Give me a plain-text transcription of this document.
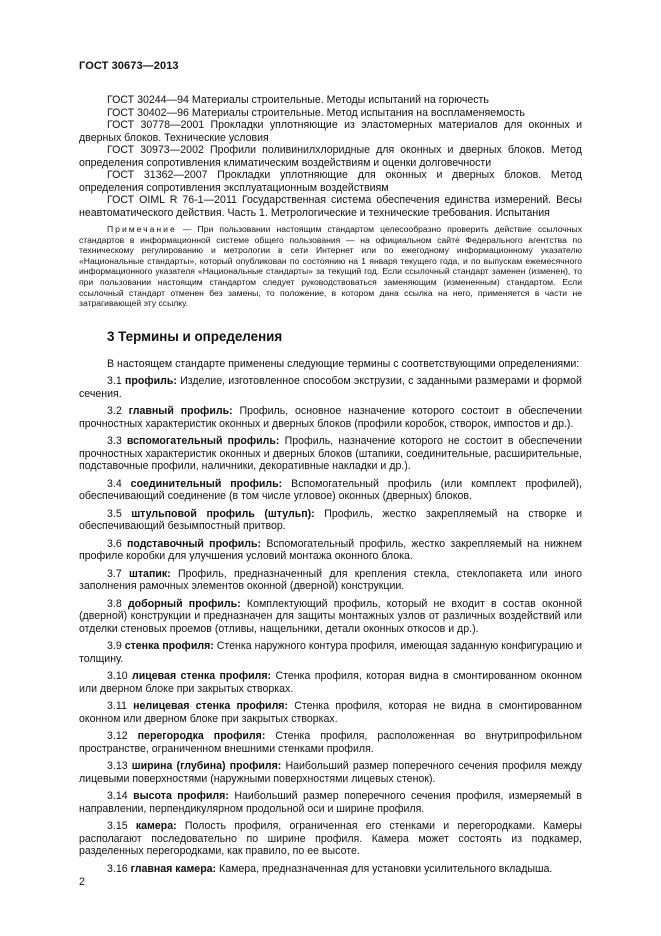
ГОСТ 30673—2013

ГОСТ 30244—94 Материалы строительные. Методы испытаний на горючесть

ГОСТ 30402—96 Материалы строительные. Метод испытания на воспламеняемость

ГОСТ 30778—2001 Прокладки уплотняющие из эластомерных материалов для оконных и дверных блоков. Технические условия

ГОСТ 30973—2002 Профили поливинилхлоридные для оконных и дверных блоков. Метод определения сопротивления климатическим воздействиям и оценки долговечности

ГОСТ 31362—2007 Прокладки уплотняющие для оконных и дверных блоков. Метод определения сопротивления эксплуатационным воздействиям

ГОСТ OIML R 76-1—2011 Государственная система обеспечения единства измерений. Весы неавтоматического действия. Часть 1. Метрологические и технические требования. Испытания

Примечание — При пользовании настоящим стандартом целесообразно проверить действие ссылочных стандартов в информационной системе общего пользования — на официальном сайте Федерального агентства по техническому регулированию и метрологии в сети Интернет или по ежегодному информационному указателю «Национальные стандарты», который опубликован по состоянию на 1 января текущего года, и по выпускам ежемесячного информационного указателя «Национальные стандарты» за текущий год. Если ссылочный стандарт заменен (изменен), то при пользовании настоящим стандартом следует руководствоваться заменяющим (измененным) стандартом. Если ссылочный стандарт отменен без замены, то положение, в котором дана ссылка на него, применяется в части не затрагивающей эту ссылку.
3 Термины и определения

В настоящем стандарте применены следующие термины с соответствующими определениями:

3.1 профиль: Изделие, изготовленное способом экструзии, с заданными размерами и формой сечения.

3.2 главный профиль: Профиль, основное назначение которого состоит в обеспечении прочностных характеристик оконных и дверных блоков (профили коробок, створок, импостов и др.).

3.3 вспомогательный профиль: Профиль, назначение которого не состоит в обеспечении прочностных характеристик оконных и дверных блоков (штапики, соединительные, расширительные, подставочные профили, наличники, декоративные накладки и др.).

3.4 соединительный профиль: Вспомогательный профиль (или комплект профилей), обеспечивающий соединение (в том числе угловое) оконных (дверных) блоков.

3.5 штульповой профиль (штульп): Профиль, жестко закрепляемый на створке и обеспечивающий безымпостный притвор.

3.6 подставочный профиль: Вспомогательный профиль, жестко закрепляемый на нижнем профиле коробки для улучшения условий монтажа оконного блока.

3.7 штапик: Профиль, предназначенный для крепления стекла, стеклопакета или иного заполнения рамочных элементов оконной (дверной) конструкции.

3.8 доборный профиль: Комплектующий профиль, который не входит в состав оконной (дверной) конструкции и предназначен для защиты монтажных узлов от различных воздействий или отделки стеновых проемов (отливы, нащельники, детали оконных откосов и др.).

3.9 стенка профиля: Стенка наружного контура профиля, имеющая заданную конфигурацию и толщину.

3.10 лицевая стенка профиля: Стенка профиля, которая видна в смонтированном оконном или дверном блоке при закрытых створках.

3.11 нелицевая стенка профиля: Стенка профиля, которая не видна в смонтированном оконном или дверном блоке при закрытых створках.

3.12 перегородка профиля: Стенка профиля, расположенная во внутрипрофильном пространстве, ограниченном внешними стенками профиля.

3.13 ширина (глубина) профиля: Наибольший размер поперечного сечения профиля между лицевыми поверхностями (наружными поверхностями лицевых стенок).

3.14 высота профиля: Наибольший размер поперечного сечения профиля, измеряемый в направлении, перпендикулярном продольной оси и ширине профиля.

3.15 камера: Полость профиля, ограниченная его стенками и перегородками. Камеры располагают последовательно по ширине профиля. Камера может состоять из подкамер, разделенных перегородками, как правило, по ее высоте.

3.16 главная камера: Камера, предназначенная для установки усилительного вкладыша.

2
